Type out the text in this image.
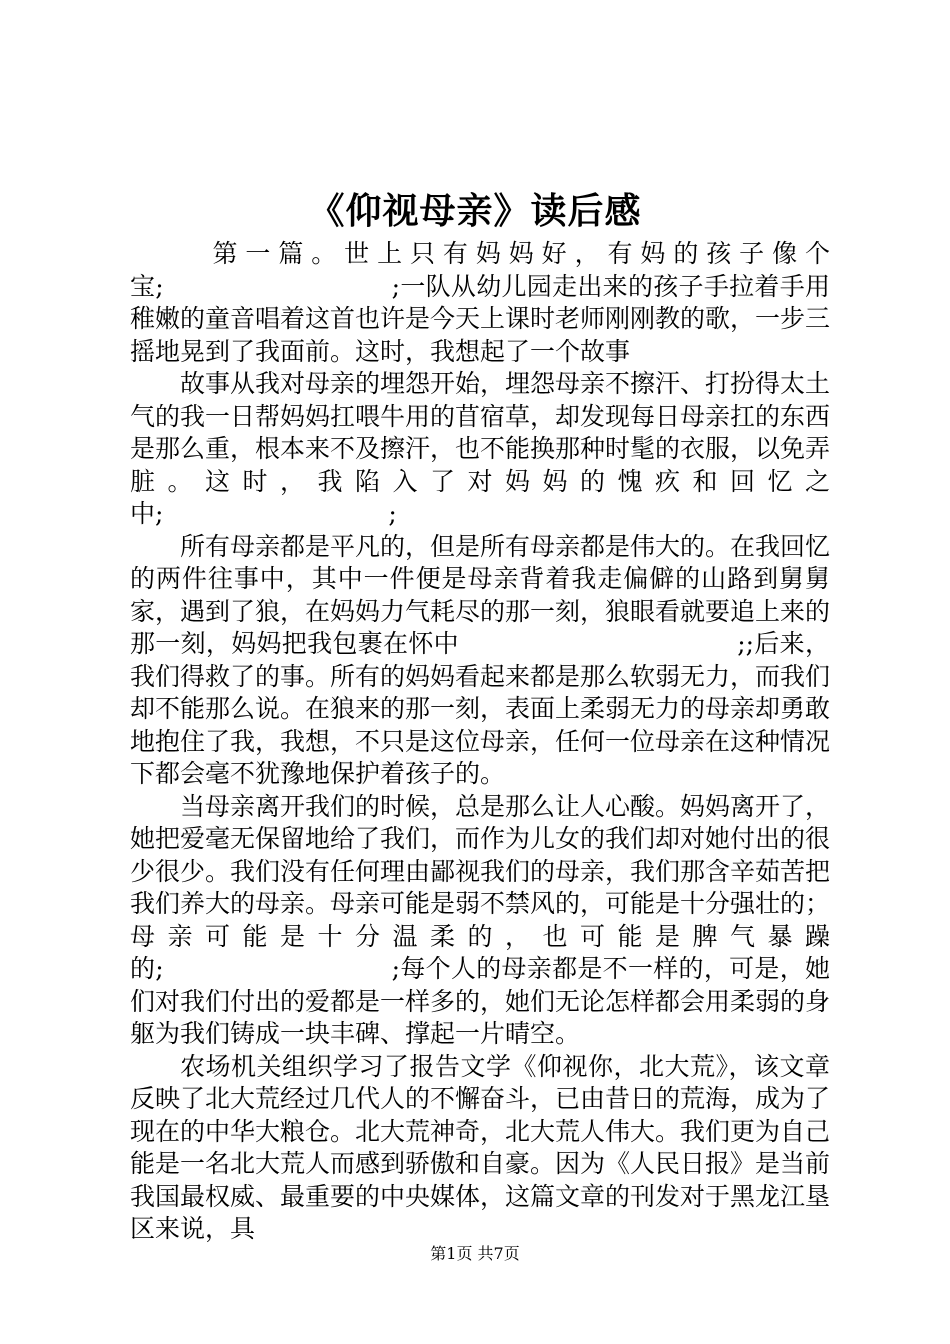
《仰视母亲》读后感

第一篇。世上只有妈妈好，有妈的孩子像个宝;　　　　　　　　　;一队从幼儿园走出来的孩子手拉着手用稚嫩的童音唱着这首也许是今天上课时老师刚刚教的歌，一步三摇地晃到了我面前。这时，我想起了一个故事

故事从我对母亲的埋怨开始，埋怨母亲不擦汗、打扮得太土气的我一日帮妈妈扛喂牛用的苜宿草，却发现每日母亲扛的东西是那么重，根本来不及擦汗，也不能换那种时髦的衣服，以免弄脏。这时，我陷入了对妈妈的愧疚和回忆之中;　　　　　　　　　;

所有母亲都是平凡的，但是所有母亲都是伟大的。在我回忆的两件往事中，其中一件便是母亲背着我走偏僻的山路到舅舅家，遇到了狼，在妈妈力气耗尽的那一刻，狼眼看就要追上来的那一刻，妈妈把我包裹在怀中　　　　　　　　　　　;;后来，我们得救了的事。所有的妈妈看起来都是那么软弱无力，而我们却不能那么说。在狼来的那一刻，表面上柔弱无力的母亲却勇敢地抱住了我，我想，不只是这位母亲，任何一位母亲在这种情况下都会毫不犹豫地保护着孩子的。

当母亲离开我们的时候，总是那么让人心酸。妈妈离开了，她把爱毫无保留地给了我们，而作为儿女的我们却对她付出的很少很少。我们没有任何理由鄙视我们的母亲，我们那含辛茹苦把我们养大的母亲。母亲可能是弱不禁风的，可能是十分强壮的；母亲可能是十分温柔的，也可能是脾气暴躁的;　　　　　　　　　;每个人的母亲都是不一样的，可是，她们对我们付出的爱都是一样多的，她们无论怎样都会用柔弱的身躯为我们铸成一块丰碑、撑起一片晴空。

农场机关组织学习了报告文学《仰视你，北大荒》，该文章反映了北大荒经过几代人的不懈奋斗，已由昔日的荒海，成为了现在的中华大粮仓。北大荒神奇，北大荒人伟大。我们更为自己能是一名北大荒人而感到骄傲和自豪。因为《人民日报》是当前我国最权威、最重要的中央媒体，这篇文章的刊发对于黑龙江垦区来说，具

第1页 共7页
